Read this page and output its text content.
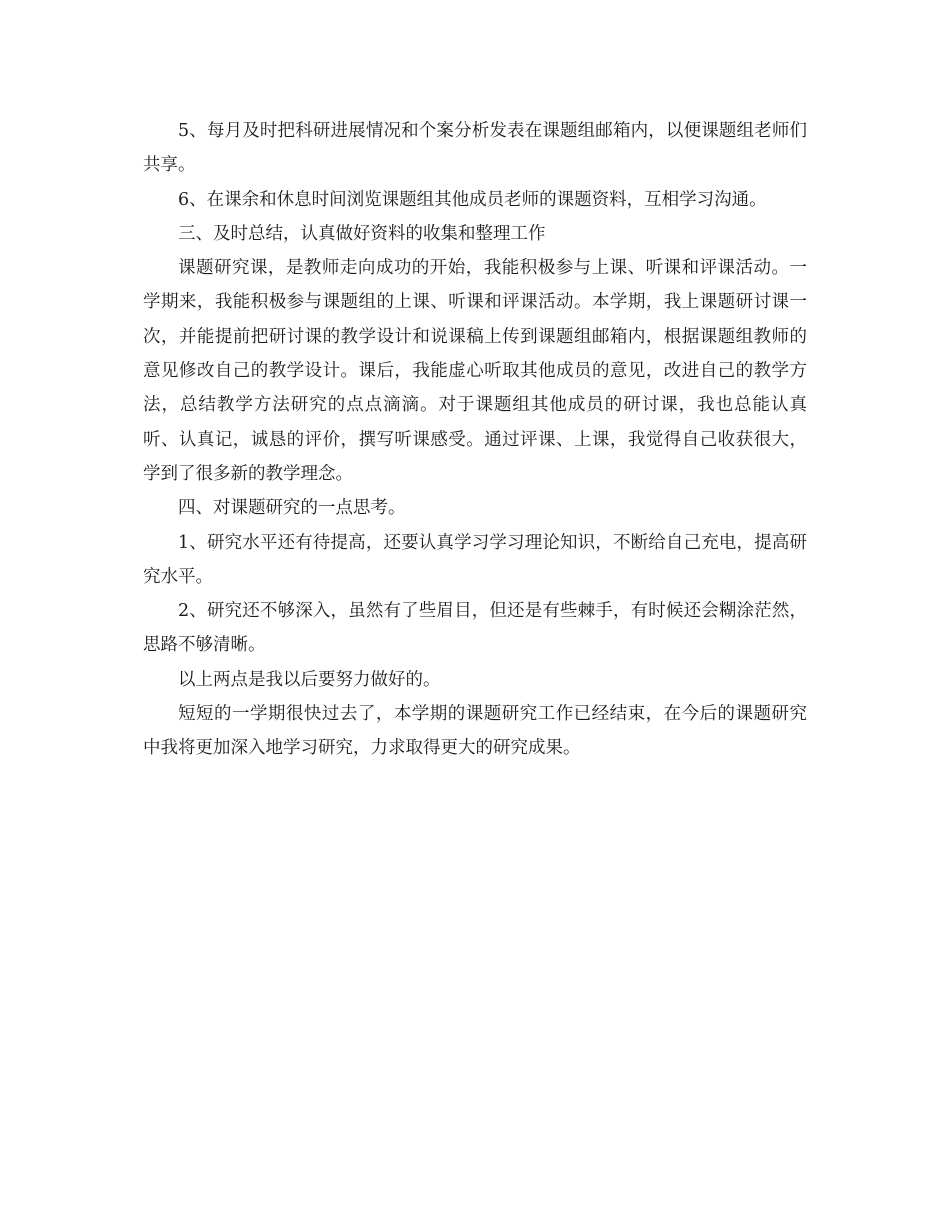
5、每月及时把科研进展情况和个案分析发表在课题组邮箱内，以便课题组老师们共享。

6、在课余和休息时间浏览课题组其他成员老师的课题资料，互相学习沟通。

三、及时总结，认真做好资料的收集和整理工作

课题研究课，是教师走向成功的开始，我能积极参与上课、听课和评课活动。一学期来，我能积极参与课题组的上课、听课和评课活动。本学期，我上课题研讨课一次，并能提前把研讨课的教学设计和说课稿上传到课题组邮箱内，根据课题组教师的意见修改自己的教学设计。课后，我能虚心听取其他成员的意见，改进自己的教学方法，总结教学方法研究的点点滴滴。对于课题组其他成员的研讨课，我也总能认真听、认真记，诚恳的评价，撰写听课感受。通过评课、上课，我觉得自己收获很大，学到了很多新的教学理念。

四、对课题研究的一点思考。

1、研究水平还有待提高，还要认真学习学习理论知识，不断给自己充电，提高研究水平。

2、研究还不够深入，虽然有了些眉目，但还是有些棘手，有时候还会糊涂茫然，思路不够清晰。

以上两点是我以后要努力做好的。

短短的一学期很快过去了，本学期的课题研究工作已经结束，在今后的课题研究中我将更加深入地学习研究，力求取得更大的研究成果。
